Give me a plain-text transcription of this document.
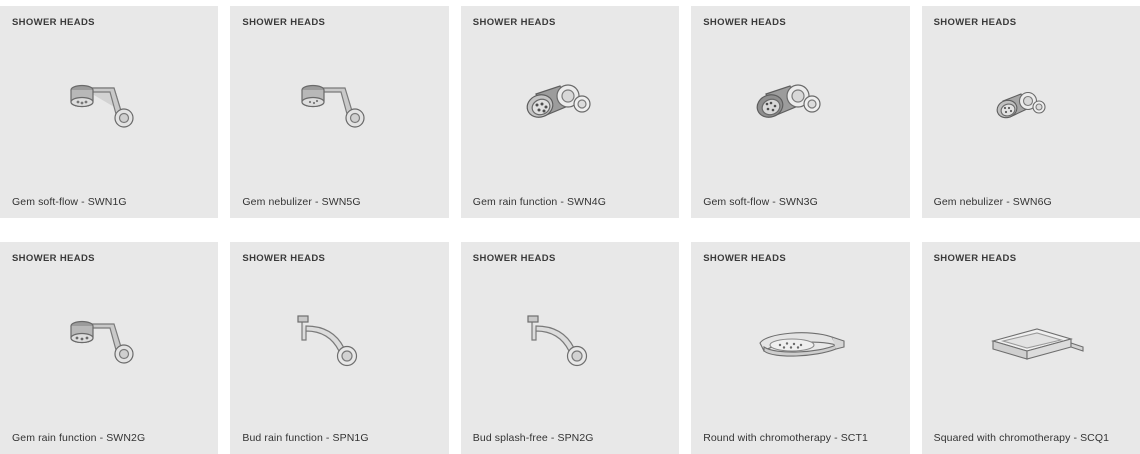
SHOWER HEADS
Gem soft-flow - SWN1G
SHOWER HEADS
Gem nebulizer - SWN5G
SHOWER HEADS
Gem rain function - SWN4G
SHOWER HEADS
Gem soft-flow - SWN3G
SHOWER HEADS
Gem nebulizer - SWN6G
SHOWER HEADS
Gem rain function - SWN2G
SHOWER HEADS
Bud rain function - SPN1G
SHOWER HEADS
Bud splash-free - SPN2G
SHOWER HEADS
Round with chromotherapy - SCT1
SHOWER HEADS
Squared with chromotherapy - SCQ1
